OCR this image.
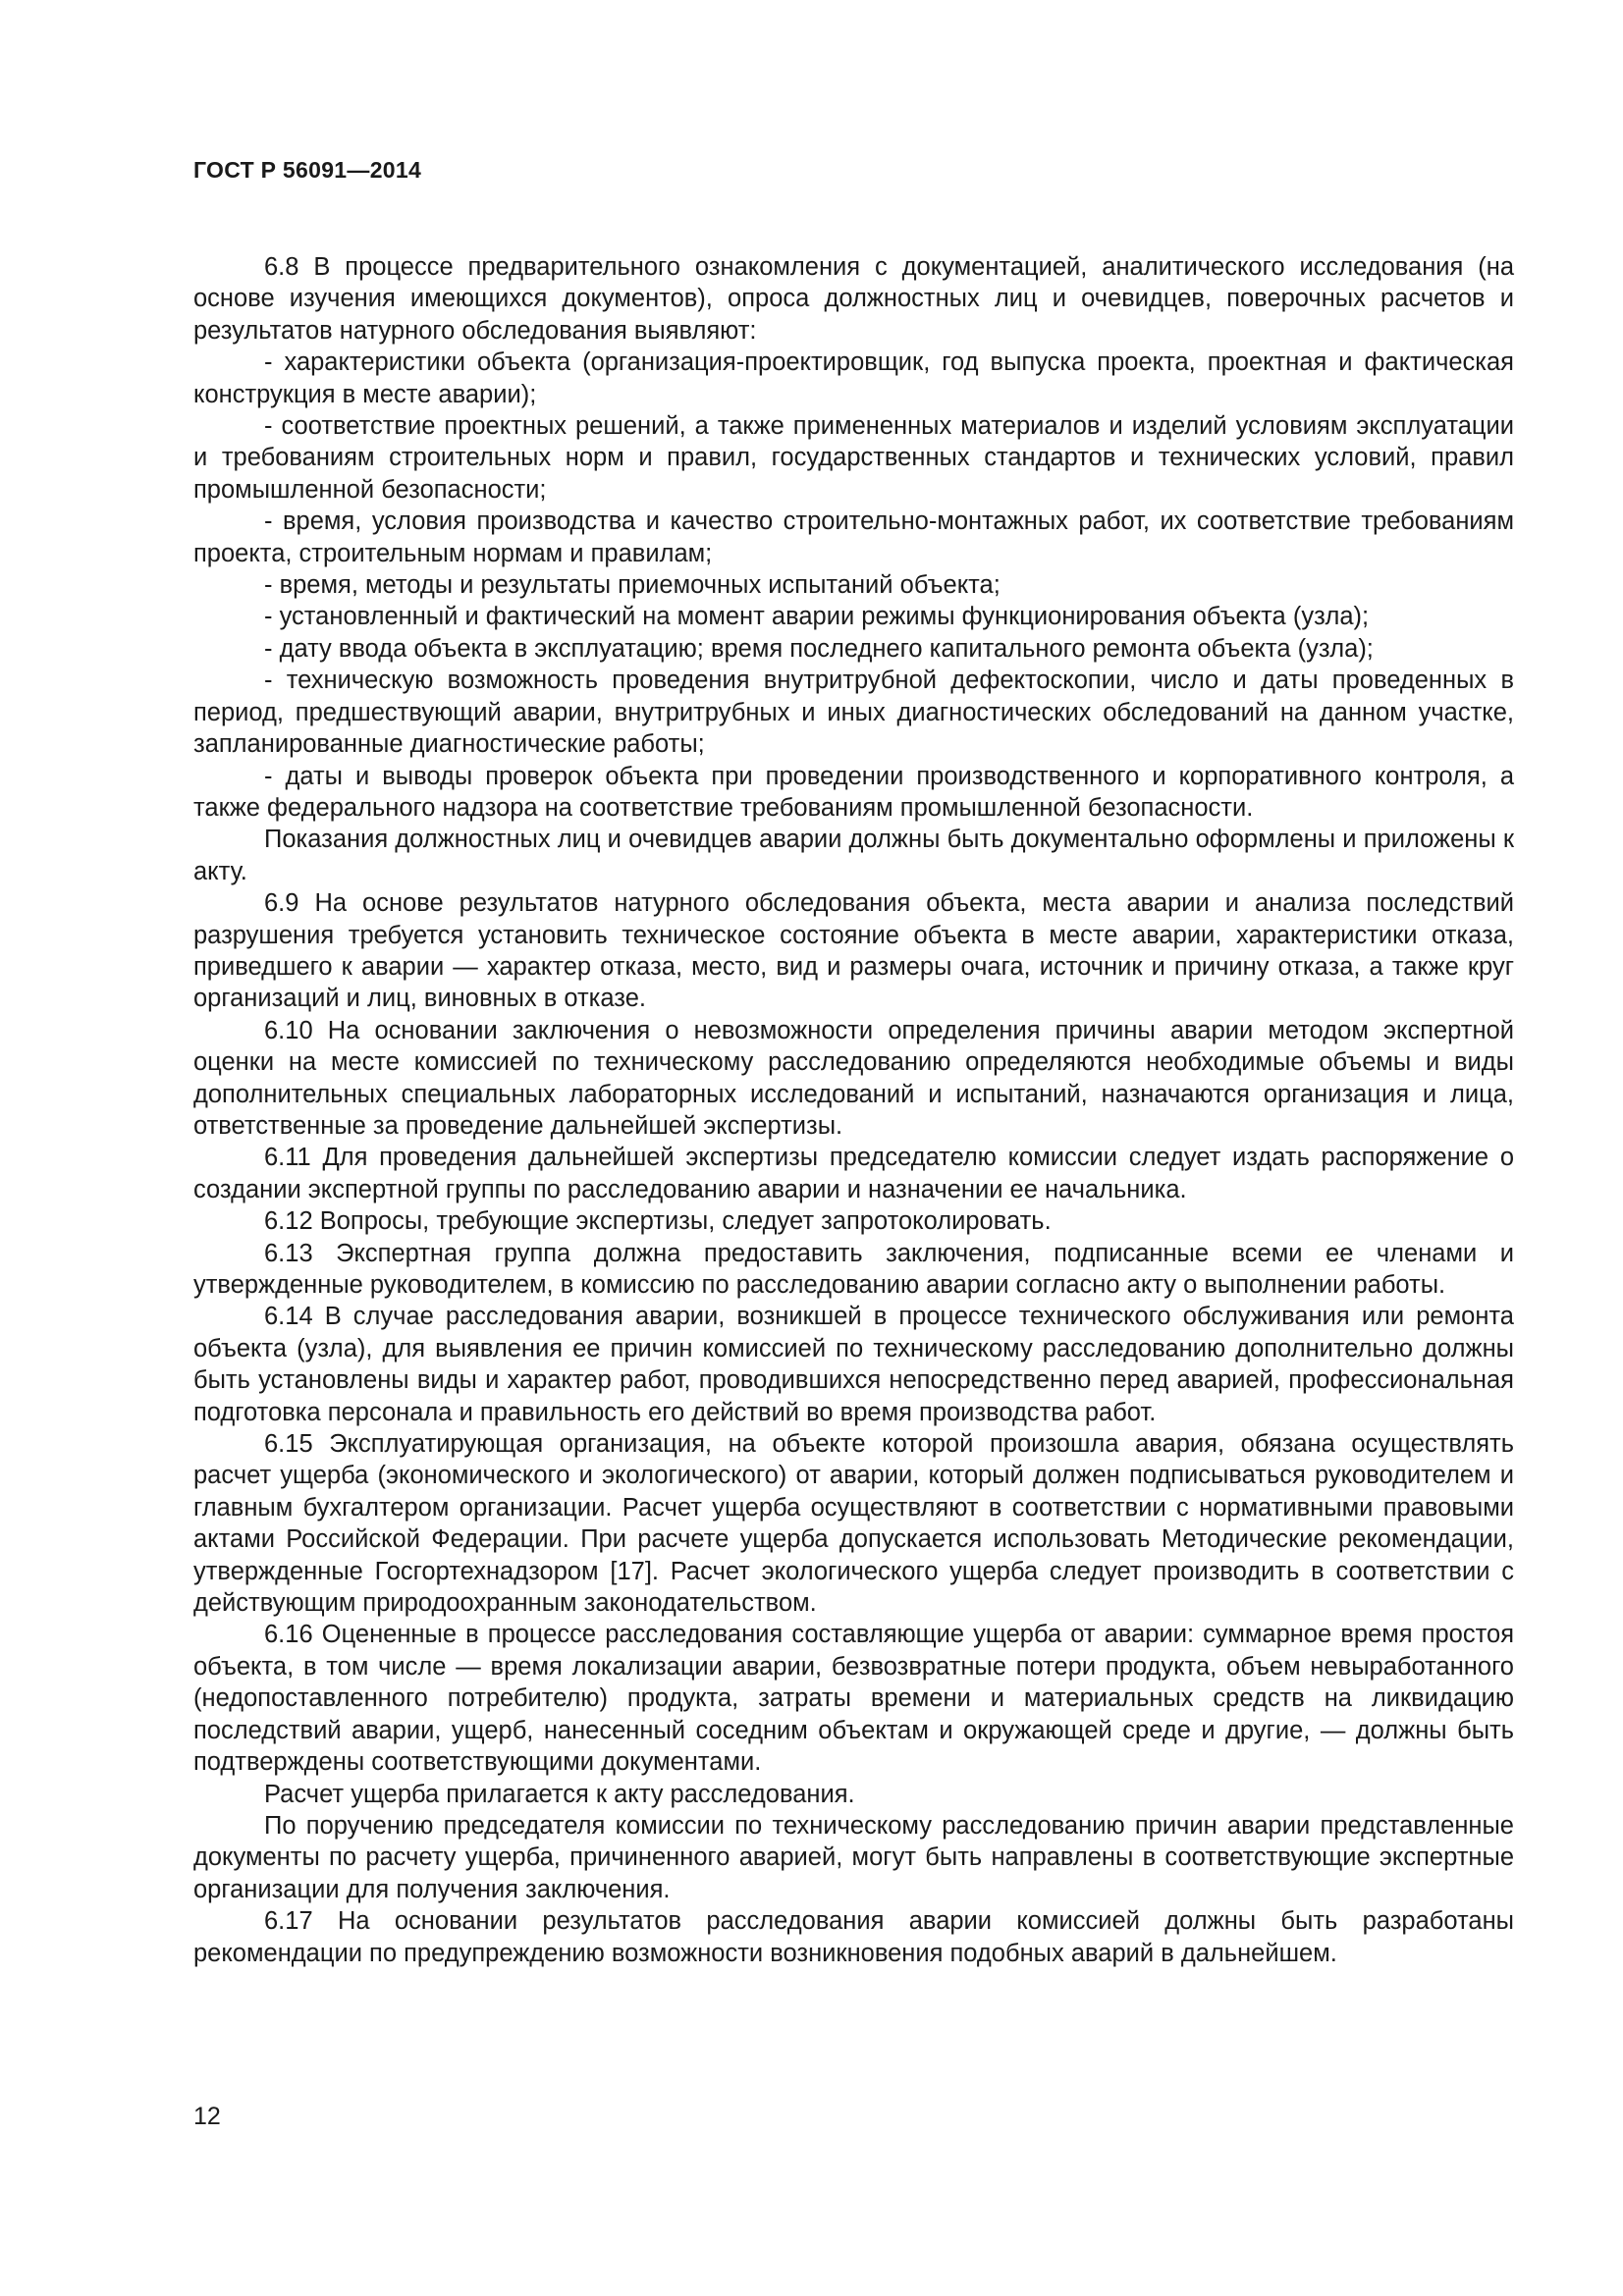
ГОСТ Р 56091—2014

6.8 В процессе предварительного ознакомления с документацией, аналитического исследования (на основе изучения имеющихся документов), опроса должностных лиц и очевидцев, поверочных расчетов и результатов натурного обследования выявляют:

- характеристики объекта (организация-проектировщик, год выпуска проекта, проектная и фактическая конструкция в месте аварии);

- соответствие проектных решений, а также примененных материалов и изделий условиям эксплуатации и требованиям строительных норм и правил, государственных стандартов и технических условий, правил промышленной безопасности;

- время, условия производства и качество строительно-монтажных работ, их соответствие требованиям проекта, строительным нормам и правилам;

- время, методы и результаты приемочных испытаний объекта;

- установленный и фактический на момент аварии режимы функционирования объекта (узла);

- дату ввода объекта в эксплуатацию; время последнего капитального ремонта объекта (узла);

- техническую возможность проведения внутритрубной дефектоскопии, число и даты проведенных в период, предшествующий аварии, внутритрубных и иных диагностических обследований на данном участке, запланированные диагностические работы;

- даты и выводы проверок объекта при проведении производственного и корпоративного контроля, а также федерального надзора на соответствие требованиям промышленной безопасности.

Показания должностных лиц и очевидцев аварии должны быть документально оформлены и приложены к акту.

6.9 На основе результатов натурного обследования объекта, места аварии и анализа последствий разрушения требуется установить техническое состояние объекта в месте аварии, характеристики отказа, приведшего к аварии — характер отказа, место, вид и размеры очага, источник и причину отказа, а также круг организаций и лиц, виновных в отказе.

6.10 На основании заключения о невозможности определения причины аварии методом экспертной оценки на месте комиссией по техническому расследованию определяются необходимые объемы и виды дополнительных специальных лабораторных исследований и испытаний, назначаются организация и лица, ответственные за проведение дальнейшей экспертизы.

6.11 Для проведения дальнейшей экспертизы председателю комиссии следует издать распоряжение о создании экспертной группы по расследованию аварии и назначении ее начальника.

6.12 Вопросы, требующие экспертизы, следует запротоколировать.

6.13 Экспертная группа должна предоставить заключения, подписанные всеми ее членами и утвержденные руководителем, в комиссию по расследованию аварии согласно акту о выполнении работы.

6.14 В случае расследования аварии, возникшей в процессе технического обслуживания или ремонта объекта (узла), для выявления ее причин комиссией по техническому расследованию дополнительно должны быть установлены виды и характер работ, проводившихся непосредственно перед аварией, профессиональная подготовка персонала и правильность его действий во время производства работ.

6.15 Эксплуатирующая организация, на объекте которой произошла авария, обязана осуществлять расчет ущерба (экономического и экологического) от аварии, который должен подписываться руководителем и главным бухгалтером организации. Расчет ущерба осуществляют в соответствии с нормативными правовыми актами Российской Федерации. При расчете ущерба допускается использовать Методические рекомендации, утвержденные Госгортехнадзором [17]. Расчет экологического ущерба следует производить в соответствии с действующим природоохранным законодательством.

6.16 Оцененные в процессе расследования составляющие ущерба от аварии: суммарное время простоя объекта, в том числе — время локализации аварии, безвозвратные потери продукта, объем невыработанного (недопоставленного потребителю) продукта, затраты времени и материальных средств на ликвидацию последствий аварии, ущерб, нанесенный соседним объектам и окружающей среде и другие, — должны быть подтверждены соответствующими документами.

Расчет ущерба прилагается к акту расследования.

По поручению председателя комиссии по техническому расследованию причин аварии представленные документы по расчету ущерба, причиненного аварией, могут быть направлены в соответствующие экспертные организации для получения заключения.

6.17 На основании результатов расследования аварии комиссией должны быть разработаны рекомендации по предупреждению возможности возникновения подобных аварий в дальнейшем.

12
